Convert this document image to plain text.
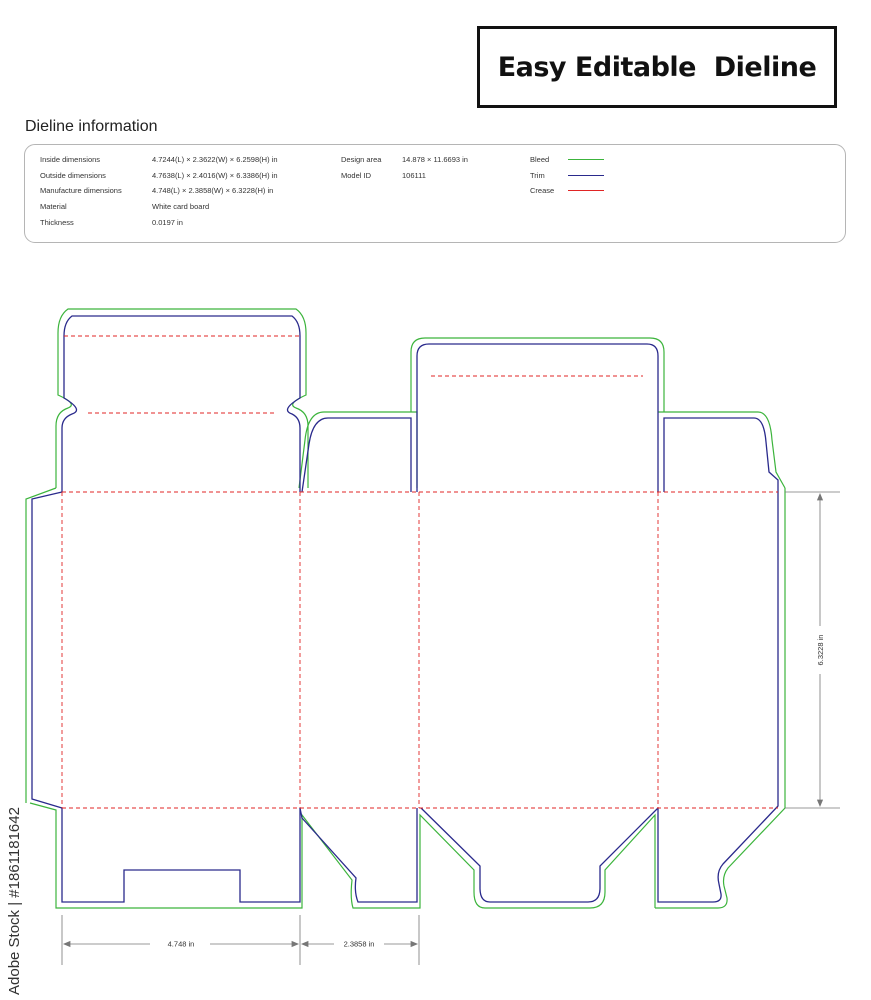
Easy Editable  Dieline
Dieline information
Inside dimensions	4.7244(L) × 2.3622(W) × 6.2598(H) in
Outside dimensions	4.7638(L) × 2.4016(W) × 6.3386(H) in
Manufacture dimensions	4.748(L) × 2.3858(W) × 6.3228(H) in
Material	White card board
Thickness	0.0197 in
Design area	14.878 × 11.6693 in
Model ID	106111
Bleed
Trim
Crease
4.748 in	2.3858 in
6.3228 in
Adobe Stock | #1861181642
